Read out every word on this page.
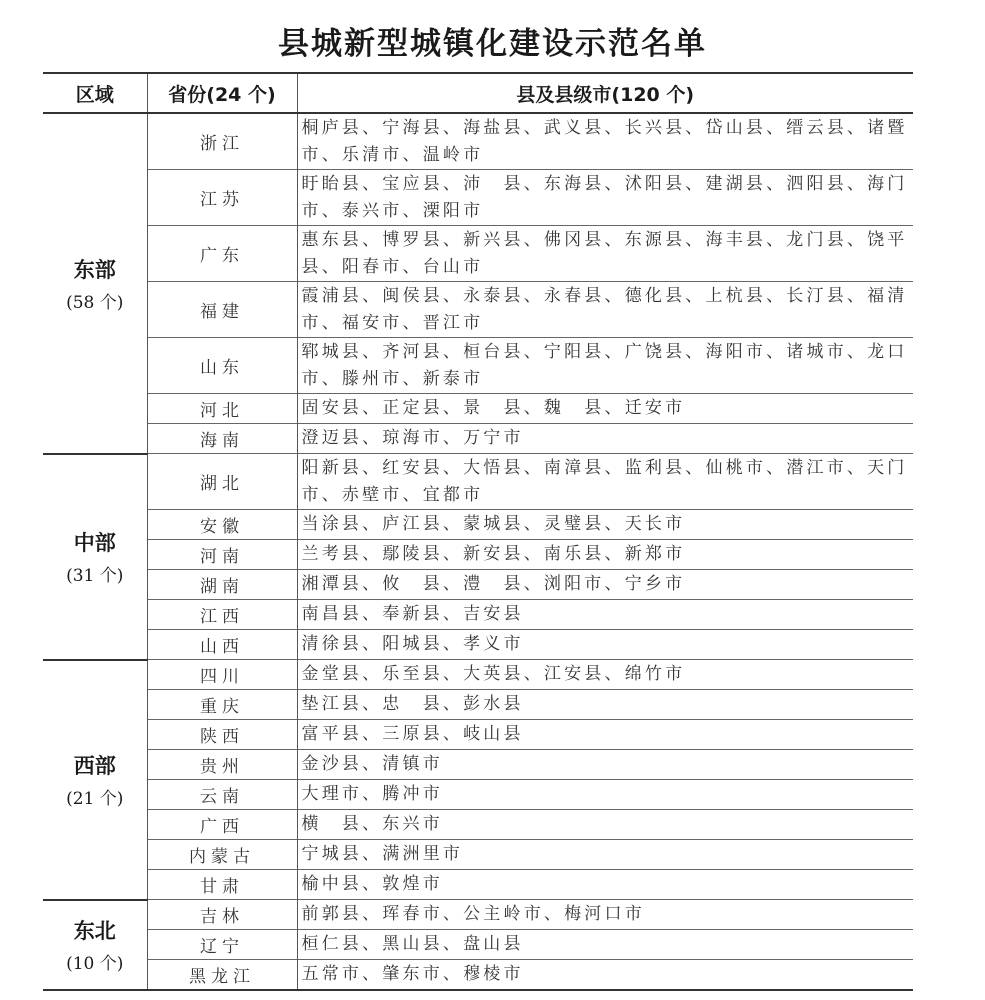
县城新型城镇化建设示范名单
区域	省份(24 个)	县及县级市(120 个)

东部
(58 个)	浙江	桐庐县、宁海县、海盐县、武义县、长兴县、岱山县、缙云县、诸暨市、乐清市、温岭市
	江苏	盱眙县、宝应县、沛　县、东海县、沭阳县、建湖县、泗阳县、海门市、泰兴市、溧阳市
	广东	惠东县、博罗县、新兴县、佛冈县、东源县、海丰县、龙门县、饶平县、阳春市、台山市
	福建	霞浦县、闽侯县、永泰县、永春县、德化县、上杭县、长汀县、福清市、福安市、晋江市
	山东	郓城县、齐河县、桓台县、宁阳县、广饶县、海阳市、诸城市、龙口市、滕州市、新泰市
	河北	固安县、正定县、景　县、魏　县、迁安市
	海南	澄迈县、琼海市、万宁市

中部
(31 个)	湖北	阳新县、红安县、大悟县、南漳县、监利县、仙桃市、潜江市、天门市、赤壁市、宜都市
	安徽	当涂县、庐江县、蒙城县、灵璧县、天长市
	河南	兰考县、鄢陵县、新安县、南乐县、新郑市
	湖南	湘潭县、攸　县、澧　县、浏阳市、宁乡市
	江西	南昌县、奉新县、吉安县
	山西	清徐县、阳城县、孝义市

西部
(21 个)	四川	金堂县、乐至县、大英县、江安县、绵竹市
	重庆	垫江县、忠　县、彭水县
	陕西	富平县、三原县、岐山县
	贵州	金沙县、清镇市
	云南	大理市、腾冲市
	广西	横　县、东兴市
	内蒙古	宁城县、满洲里市
	甘肃	榆中县、敦煌市

东北
(10 个)	吉林	前郭县、珲春市、公主岭市、梅河口市
	辽宁	桓仁县、黑山县、盘山县
	黑龙江	五常市、肇东市、穆棱市
